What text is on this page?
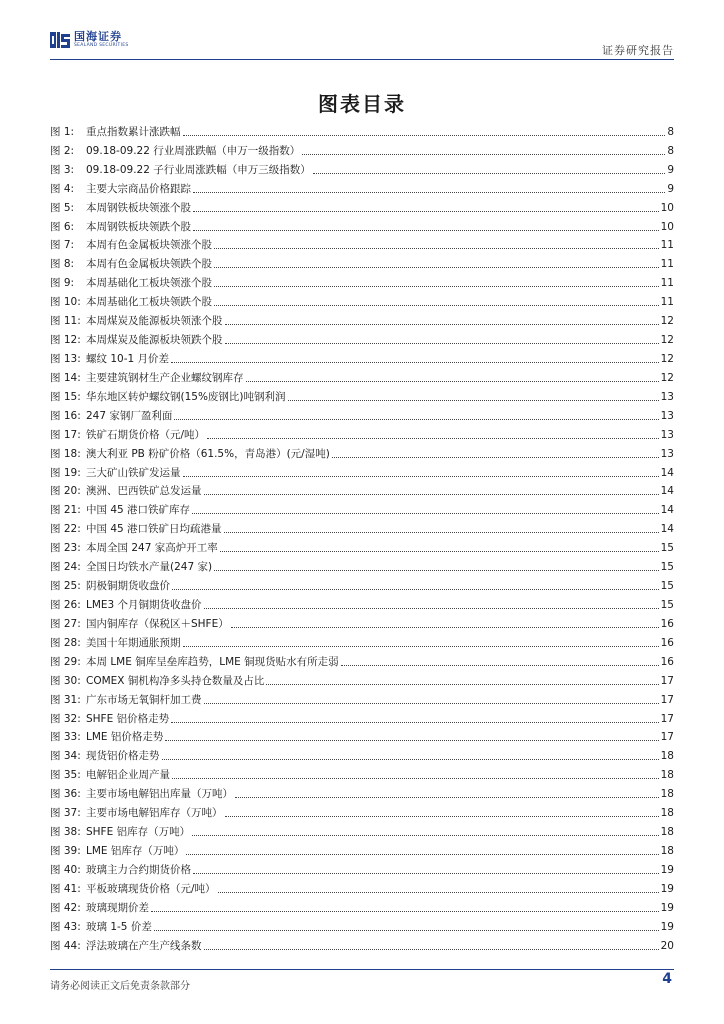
国海证券
SEALAND SECURITIES	证券研究报告
图表目录
图 1:	重点指数累计涨跌幅	8
图 2:	09.18-09.22 行业周涨跌幅（申万一级指数）	8
图 3:	09.18-09.22 子行业周涨跌幅（申万三级指数）	9
图 4:	主要大宗商品价格跟踪	9
图 5:	本周钢铁板块领涨个股	10
图 6:	本周钢铁板块领跌个股	10
图 7:	本周有色金属板块领涨个股	11
图 8:	本周有色金属板块领跌个股	11
图 9:	本周基础化工板块领涨个股	11
图 10: 本周基础化工板块领跌个股	11
图 11: 本周煤炭及能源板块领涨个股	12
图 12: 本周煤炭及能源板块领跌个股	12
图 13: 螺纹 10-1 月价差	12
图 14: 主要建筑钢材生产企业螺纹钢库存	12
图 15: 华东地区转炉螺纹钢(15%废钢比)吨钢利润	13
图 16: 247 家钢厂盈利面	13
图 17: 铁矿石期货价格（元/吨）	13
图 18: 澳大利亚 PB 粉矿价格（61.5%，青岛港）(元/湿吨)	13
图 19: 三大矿山铁矿发运量	14
图 20: 澳洲、巴西铁矿总发运量	14
图 21: 中国 45 港口铁矿库存	14
图 22: 中国 45 港口铁矿日均疏港量	14
图 23: 本周全国 247 家高炉开工率	15
图 24: 全国日均铁水产量(247 家)	15
图 25: 阴极铜期货收盘价	15
图 26: LME3 个月铜期货收盘价	15
图 27: 国内铜库存（保税区＋SHFE）	16
图 28: 美国十年期通胀预期	16
图 29: 本周 LME 铜库呈垒库趋势，LME 铜现货贴水有所走弱	16
图 30: COMEX 铜机构净多头持仓数量及占比	17
图 31: 广东市场无氧铜杆加工费	17
图 32: SHFE 铝价格走势	17
图 33: LME 铝价格走势	17
图 34: 现货铝价格走势	18
图 35: 电解铝企业周产量	18
图 36: 主要市场电解铝出库量（万吨）	18
图 37: 主要市场电解铝库存（万吨）	18
图 38: SHFE 铝库存（万吨）	18
图 39: LME 铝库存（万吨）	18
图 40: 玻璃主力合约期货价格	19
图 41: 平板玻璃现货价格（元/吨）	19
图 42: 玻璃现期价差	19
图 43: 玻璃 1-5 价差	19
图 44: 浮法玻璃在产生产线条数	20
请务必阅读正文后免责条款部分	4
